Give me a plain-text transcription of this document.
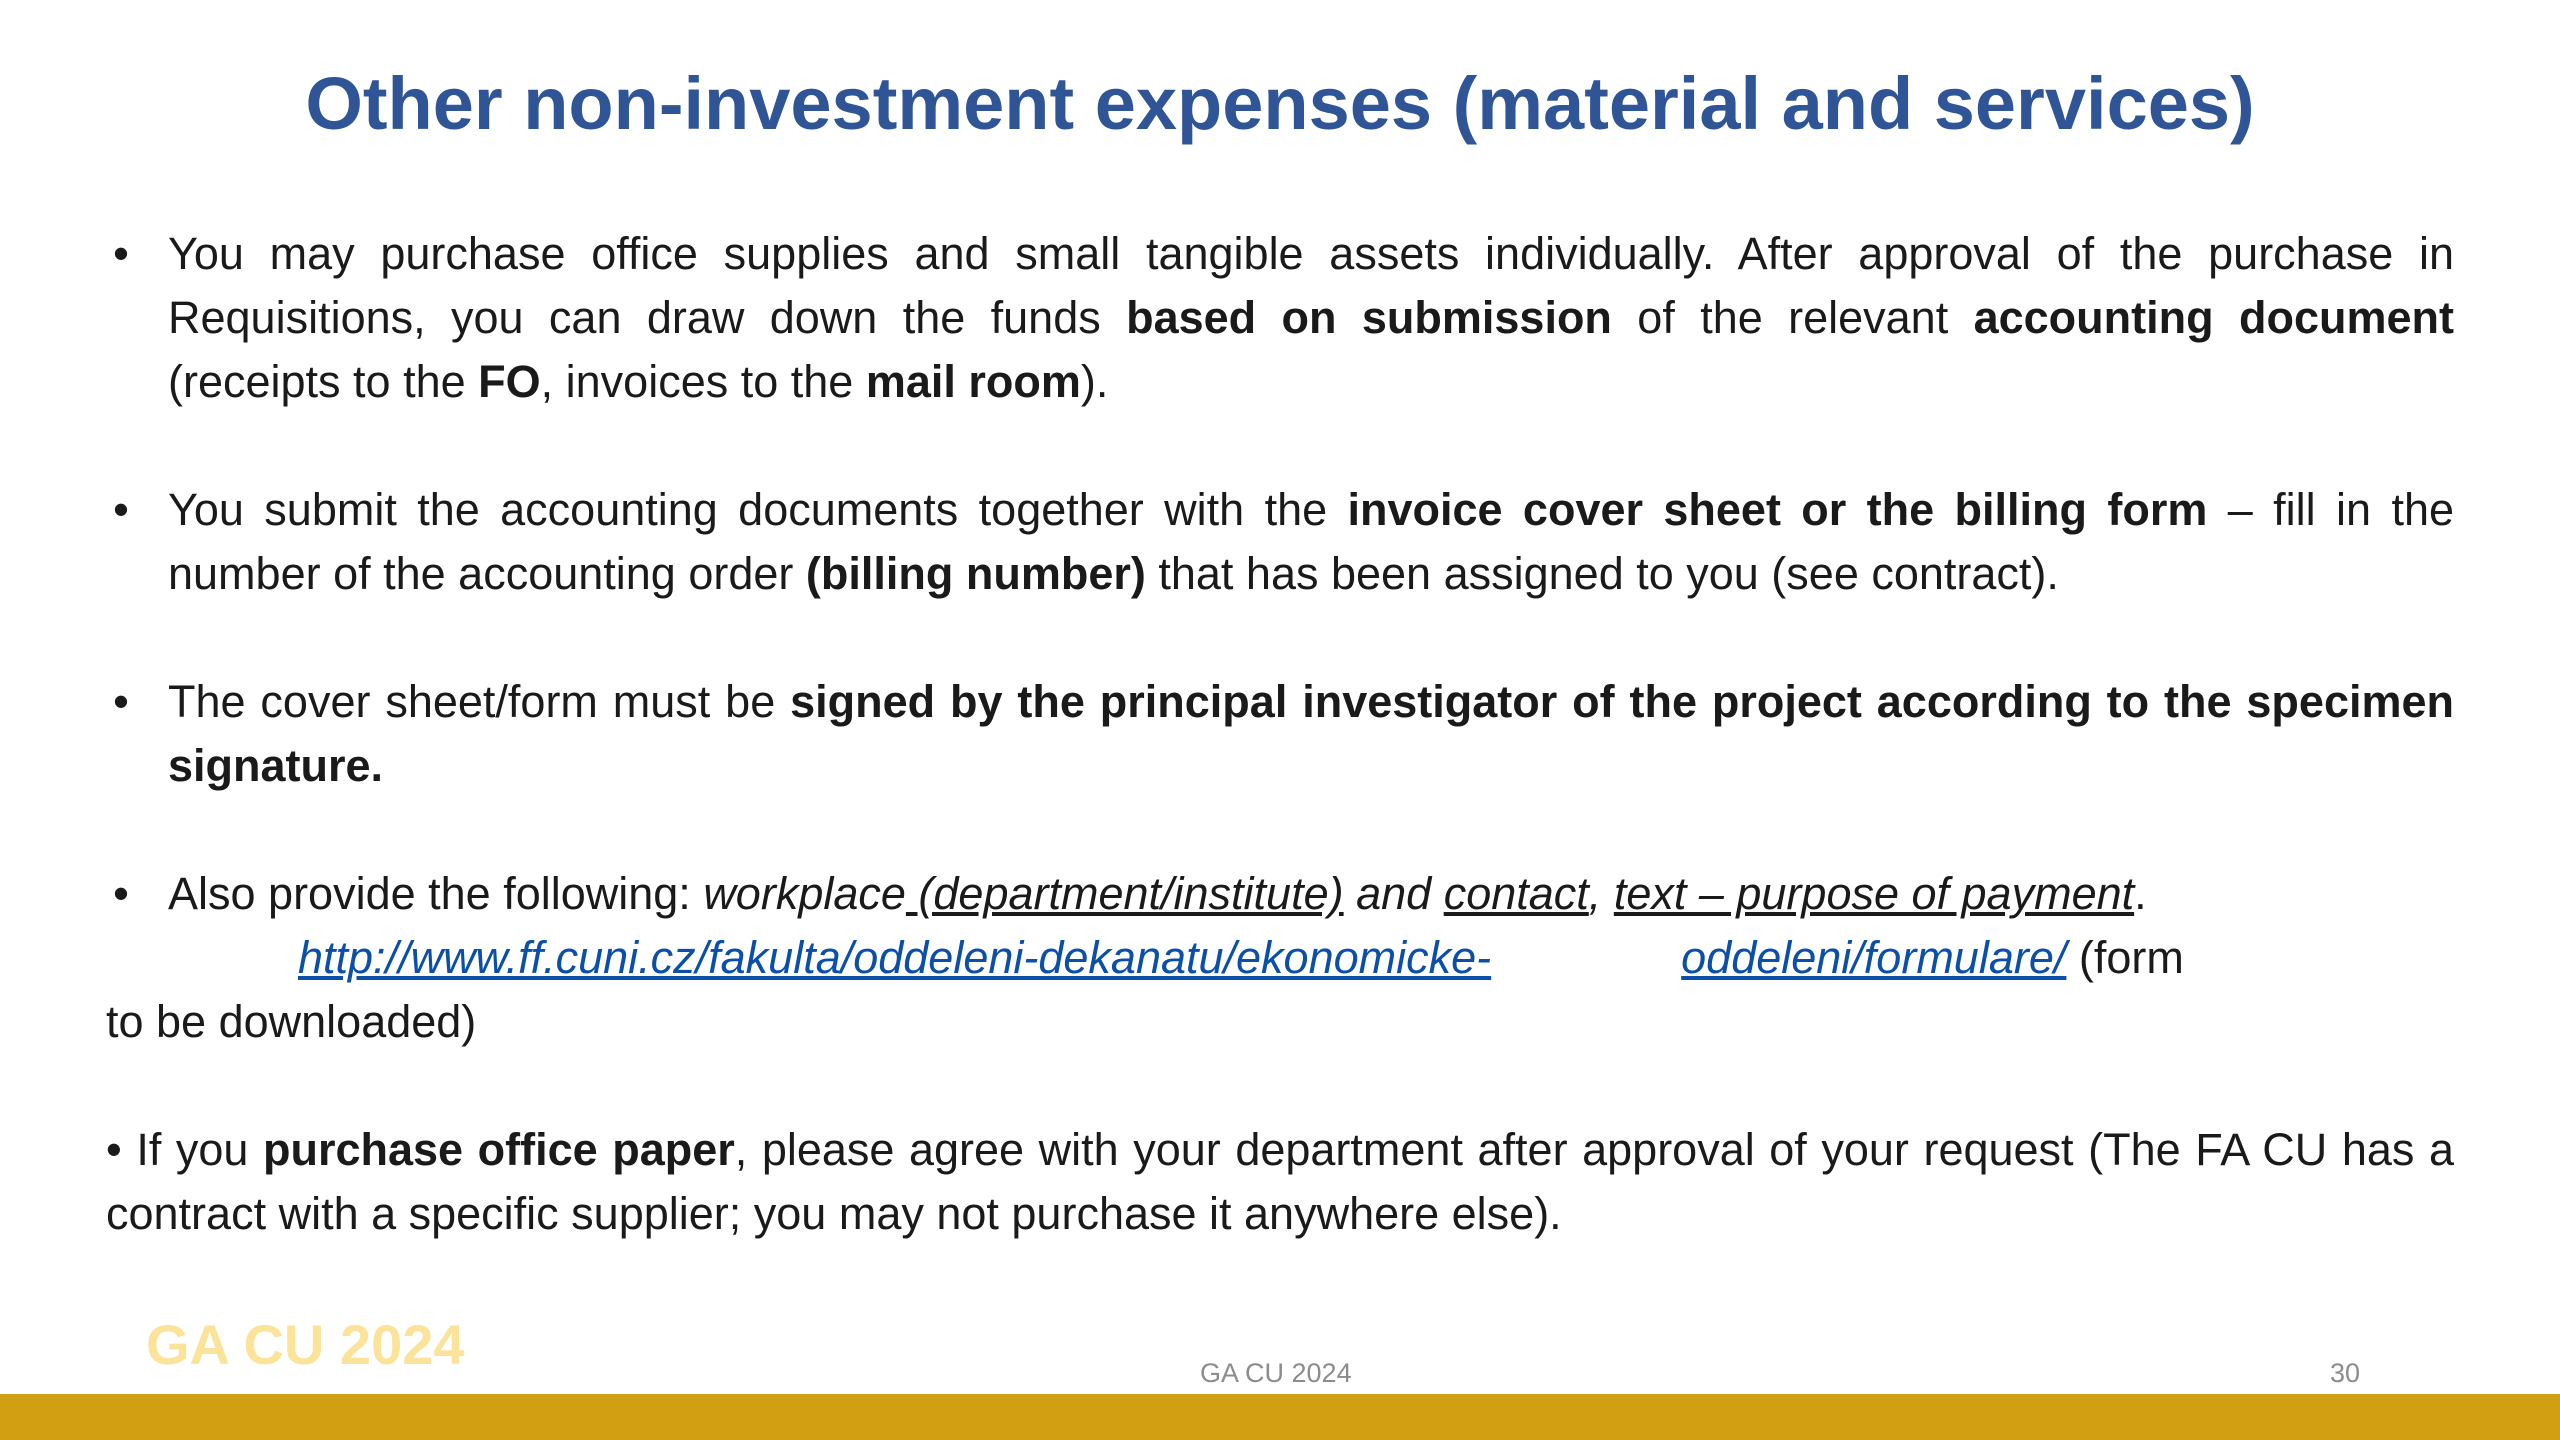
Other non-investment expenses (material and services)

• You may purchase office supplies and small tangible assets individually. After approval of the purchase in Requisitions, you can draw down the funds based on submission of the relevant accounting document (receipts to the FO, invoices to the mail room).

• You submit the accounting documents together with the invoice cover sheet or the billing form – fill in the number of the accounting order (billing number) that has been assigned to you (see contract).

• The cover sheet/form must be signed by the principal investigator of the project according to the specimen signature.

• Also provide the following: workplace (department/institute) and contact, text – purpose of payment.
http://www.ff.cuni.cz/fakulta/oddeleni-dekanatu/ekonomicke-	oddeleni/formulare/ (form
to be downloaded)

• If you purchase office paper, please agree with your department after approval of your request (The FA CU has a contract with a specific supplier; you may not purchase it anywhere else).

GA CU 2024	GA CU 2024	30
